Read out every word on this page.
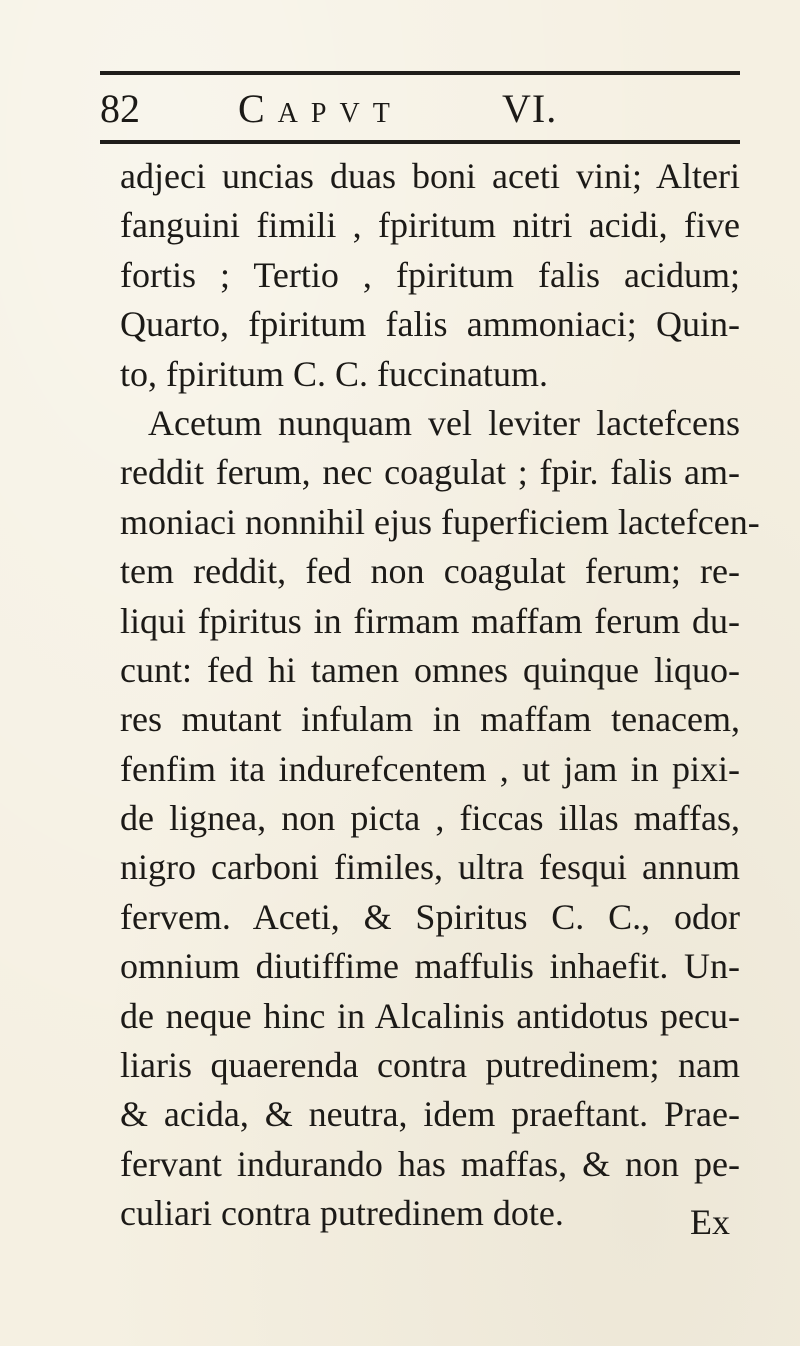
82 Capvt VI.
adjeci uncias duas boni aceti vini; Alteri
fanguini fimili , fpiritum nitri acidi, five
fortis ; Tertio , fpiritum falis acidum;
Quarto, fpiritum falis ammoniaci; Quin-
to, fpiritum C. C. fuccinatum.
Acetum nunquam vel leviter lactefcens
reddit ferum, nec coagulat ; fpir. falis am-
moniaci nonnihil ejus fuperficiem lactefcen-
tem reddit, fed non coagulat ferum; re-
liqui fpiritus in firmam maffam ferum du-
cunt: fed hi tamen omnes quinque liquo-
res mutant infulam in maffam tenacem,
fenfim ita indurefcentem , ut jam in pixi-
de lignea, non picta , ficcas illas maffas,
nigro carboni fimiles, ultra fesqui annum
fervem. Aceti, & Spiritus C. C., odor
omnium diutiffime maffulis inhaefit. Un-
de neque hinc in Alcalinis antidotus pecu-
liaris quaerenda contra putredinem; nam
& acida, & neutra, idem praeftant. Prae-
fervant indurando has maffas, & non pe-
culiari contra putredinem dote.	Ex
